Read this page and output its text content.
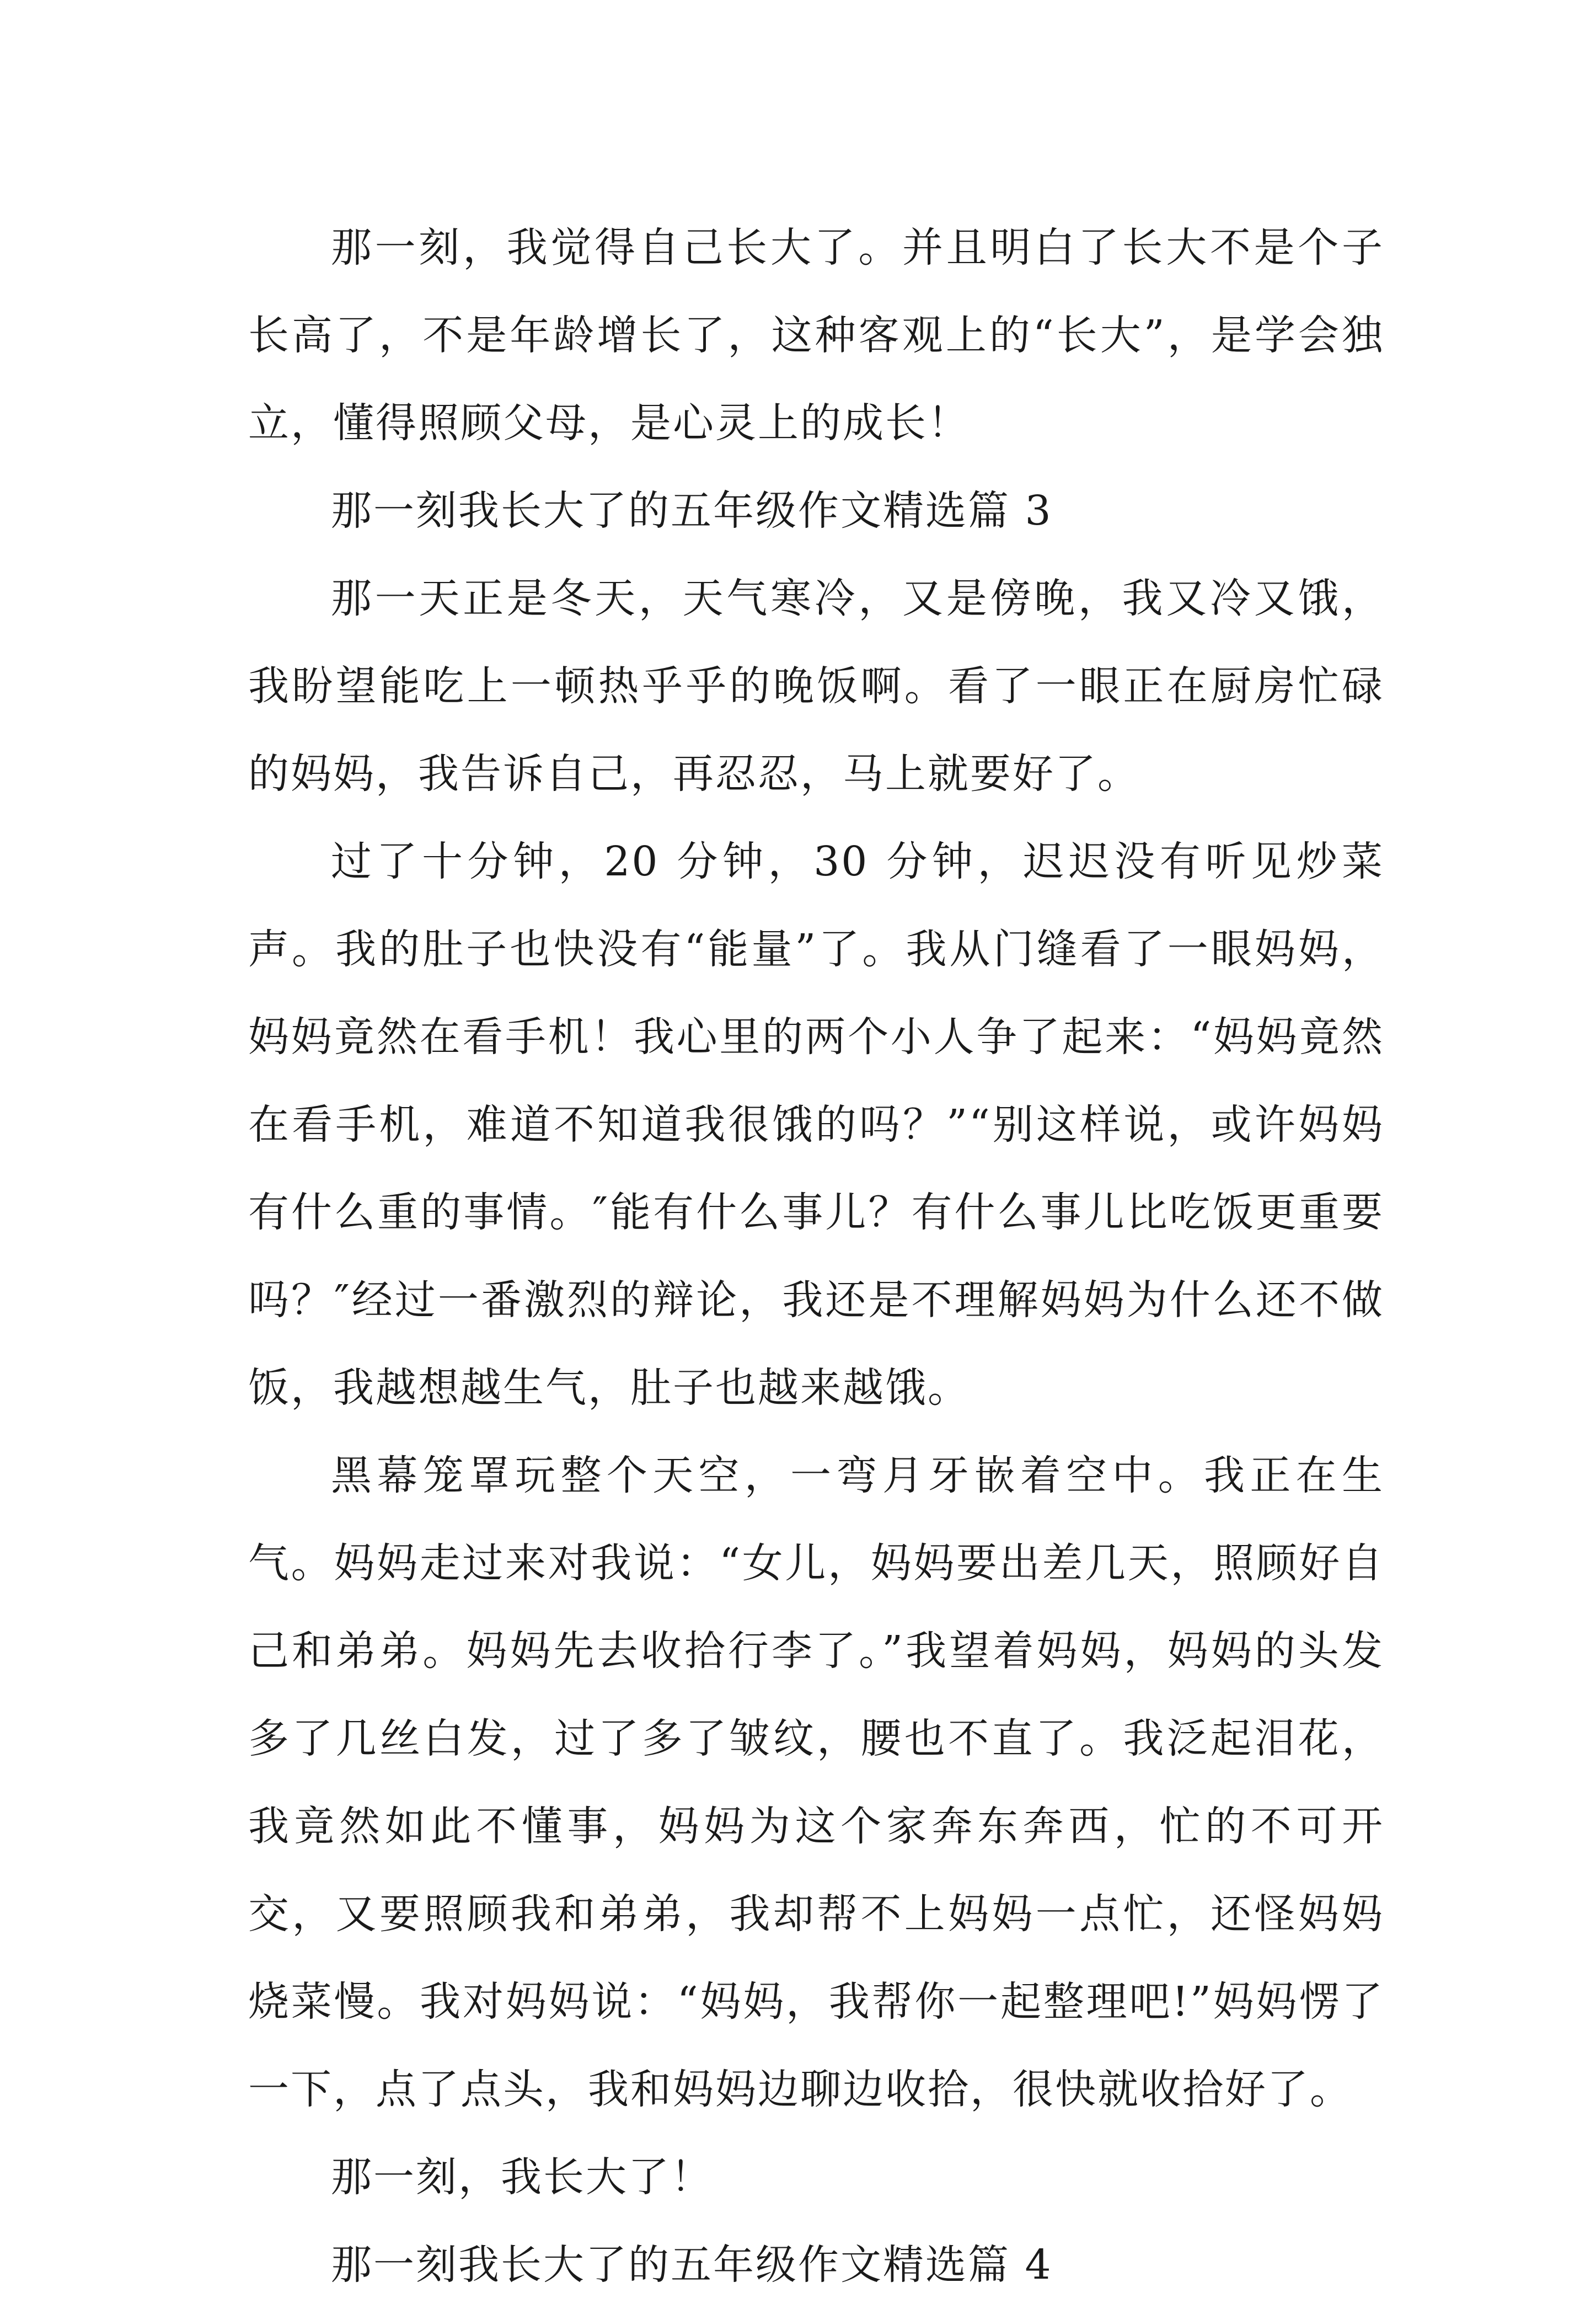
那一刻，我觉得自己长大了。并且明白了长大不是个子长高了，不是年龄增长了，这种客观上的“长大”，是学会独立，懂得照顾父母，是心灵上的成长！

那一刻我长大了的五年级作文精选篇 3

那一天正是冬天，天气寒冷，又是傍晚，我又冷又饿，我盼望能吃上一顿热乎乎的晚饭啊。看了一眼正在厨房忙碌的妈妈，我告诉自己，再忍忍，马上就要好了。

过了十分钟，20 分钟，30 分钟，迟迟没有听见炒菜声。我的肚子也快没有“能量”了。我从门缝看了一眼妈妈，妈妈竟然在看手机！我心里的两个小人争了起来：“妈妈竟然在看手机，难道不知道我很饿的吗？”“别这样说，或许妈妈有什么重的事情。″能有什么事儿？有什么事儿比吃饭更重要吗？″经过一番激烈的辩论，我还是不理解妈妈为什么还不做饭，我越想越生气，肚子也越来越饿。

黑幕笼罩玩整个天空，一弯月牙嵌着空中。我正在生气。妈妈走过来对我说：“女儿，妈妈要出差几天，照顾好自己和弟弟。妈妈先去收拾行李了。”我望着妈妈，妈妈的头发多了几丝白发，过了多了皱纹，腰也不直了。我泛起泪花，我竟然如此不懂事，妈妈为这个家奔东奔西，忙的不可开交，又要照顾我和弟弟，我却帮不上妈妈一点忙，还怪妈妈烧菜慢。我对妈妈说：“妈妈，我帮你一起整理吧!”妈妈愣了一下，点了点头，我和妈妈边聊边收拾，很快就收拾好了。

那一刻，我长大了！

那一刻我长大了的五年级作文精选篇 4
